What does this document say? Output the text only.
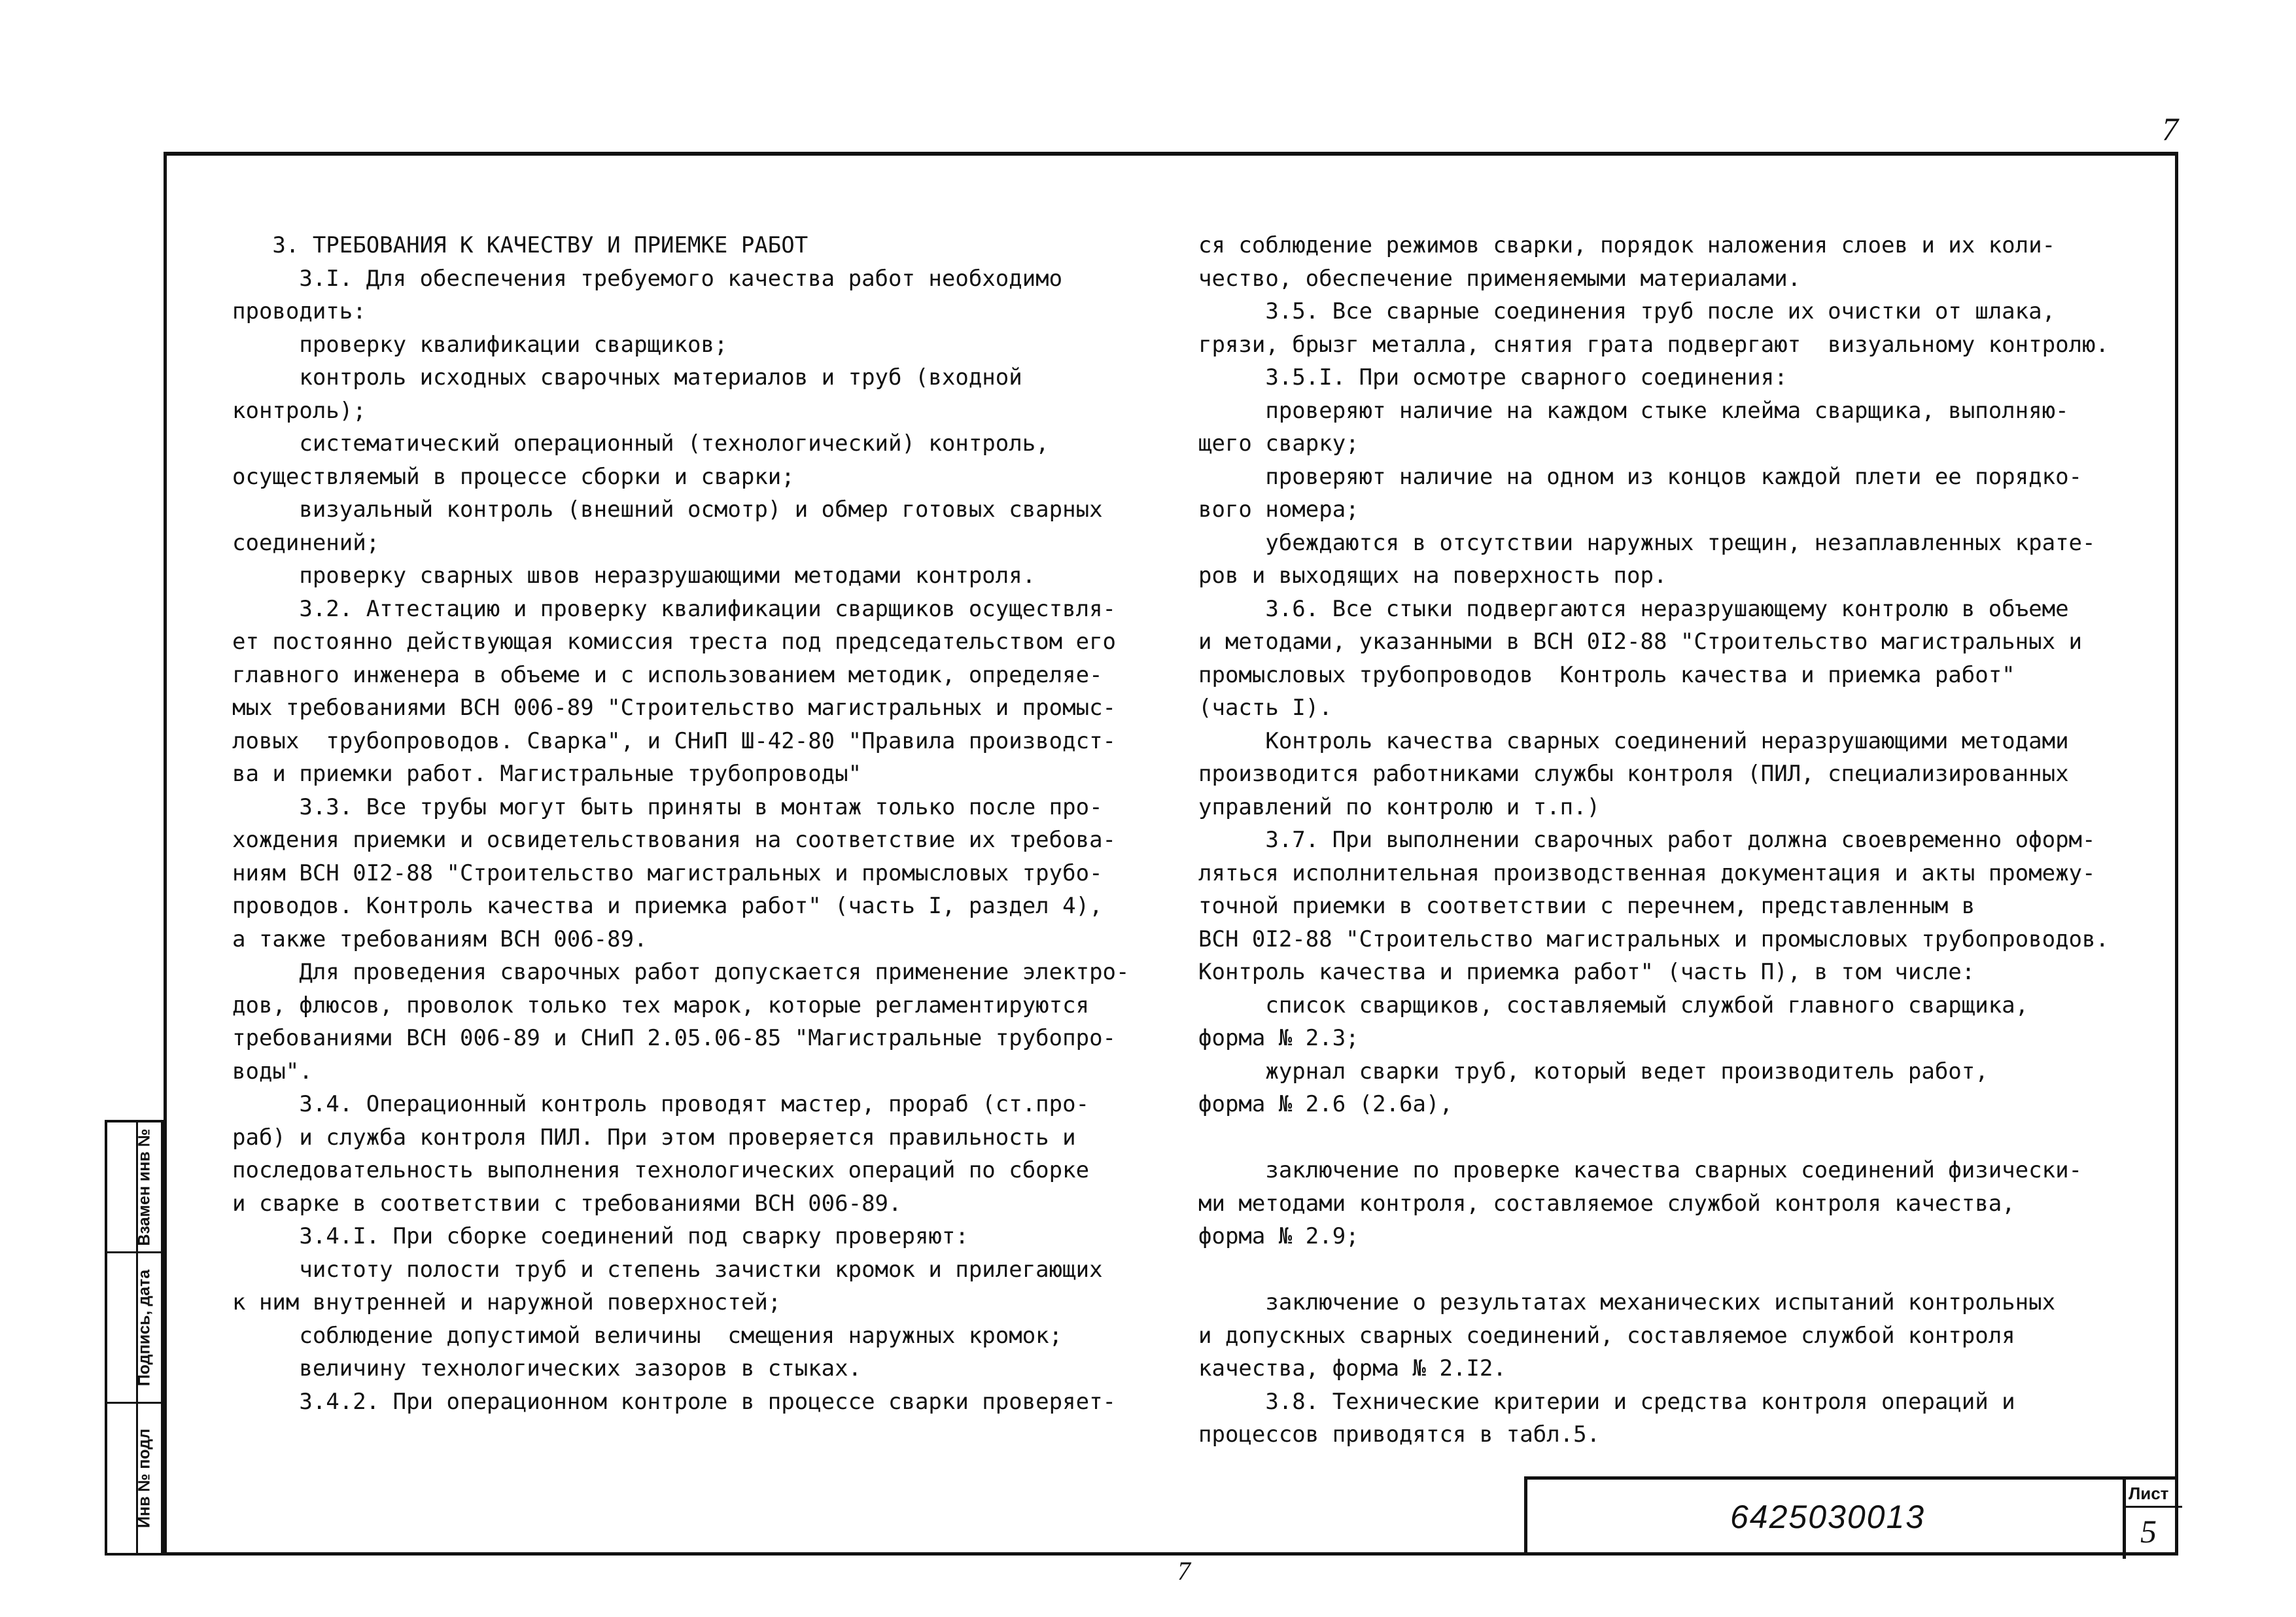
7
3. ТРЕБОВАНИЯ К КАЧЕСТВУ И ПРИЕМКЕ РАБОТ
3.I. Для обеспечения требуемого качества работ необходимо
проводить:
проверку квалификации сварщиков;
контроль исходных сварочных материалов и труб (входной
контроль);
систематический операционный (технологический) контроль,
осуществляемый в процессе сборки и сварки;
визуальный контроль (внешний осмотр) и обмер готовых сварных
соединений;
проверку сварных швов неразрушающими методами контроля.
3.2. Аттестацию и проверку квалификации сварщиков осуществля-
ет постоянно действующая комиссия треста под председательством его
главного инженера в объеме и с использованием методик, определяе-
мых требованиями ВСН 006-89 "Строительство магистральных и промыс-
ловых  трубопроводов. Сварка", и СНиП Ш-42-80 "Правила производст-
ва и приемки работ. Магистральные трубопроводы"
3.3. Все трубы могут быть приняты в монтаж только после про-
хождения приемки и освидетельствования на соответствие их требова-
ниям ВСН 0I2-88 "Строительство магистральных и промысловых трубо-
проводов. Контроль качества и приемка работ" (часть I, раздел 4),
а также требованиям ВСН 006-89.
Для проведения сварочных работ допускается применение электро-
дов, флюсов, проволок только тех марок, которые регламентируются
требованиями ВСН 006-89 и СНиП 2.05.06-85 "Магистральные трубопро-
воды".
3.4. Операционный контроль проводят мастер, прораб (ст.про-
раб) и служба контроля ПИЛ. При этом проверяется правильность и
последовательность выполнения технологических операций по сборке
и сварке в соответствии с требованиями ВСН 006-89.
3.4.I. При сборке соединений под сварку проверяют:
чистоту полости труб и степень зачистки кромок и прилегающих
к ним внутренней и наружной поверхностей;
соблюдение допустимой величины  смещения наружных кромок;
величину технологических зазоров в стыках.
3.4.2. При операционном контроле в процессе сварки проверяет-
ся соблюдение режимов сварки, порядок наложения слоев и их коли-
чество, обеспечение применяемыми материалами.
3.5. Все сварные соединения труб после их очистки от шлака,
грязи, брызг металла, снятия грата подвергают  визуальному контролю.
3.5.I. При осмотре сварного соединения:
проверяют наличие на каждом стыке клейма сварщика, выполняю-
щего сварку;
проверяют наличие на одном из концов каждой плети ее порядко-
вого номера;
убеждаются в отсутствии наружных трещин, незаплавленных крате-
ров и выходящих на поверхность пор.
3.6. Все стыки подвергаются неразрушающему контролю в объеме
и методами, указанными в ВСН 0I2-88 "Строительство магистральных и
промысловых трубопроводов  Контроль качества и приемка работ"
(часть I).
Контроль качества сварных соединений неразрушающими методами
производится работниками службы контроля (ПИЛ, специализированных
управлений по контролю и т.п.)
3.7. При выполнении сварочных работ должна своевременно оформ-
ляться исполнительная производственная документация и акты промежу-
точной приемки в соответствии с перечнем, представленным в
ВСН 0I2-88 "Строительство магистральных и промысловых трубопроводов.
Контроль качества и приемка работ" (часть П), в том числе:
список сварщиков, составляемый службой главного сварщика,
форма № 2.3;
журнал сварки труб, который ведет производитель работ,
форма № 2.6 (2.6а),

заключение по проверке качества сварных соединений физически-
ми методами контроля, составляемое службой контроля качества,
форма № 2.9;

заключение о результатах механических испытаний контрольных
и допускных сварных соединений, составляемое службой контроля
качества, форма № 2.I2.
3.8. Технические критерии и средства контроля операций и
процессов приводятся в табл.5.
Взамен инв №
Подпись, дата
Инв № подл	6425030013
Лист
5
7
